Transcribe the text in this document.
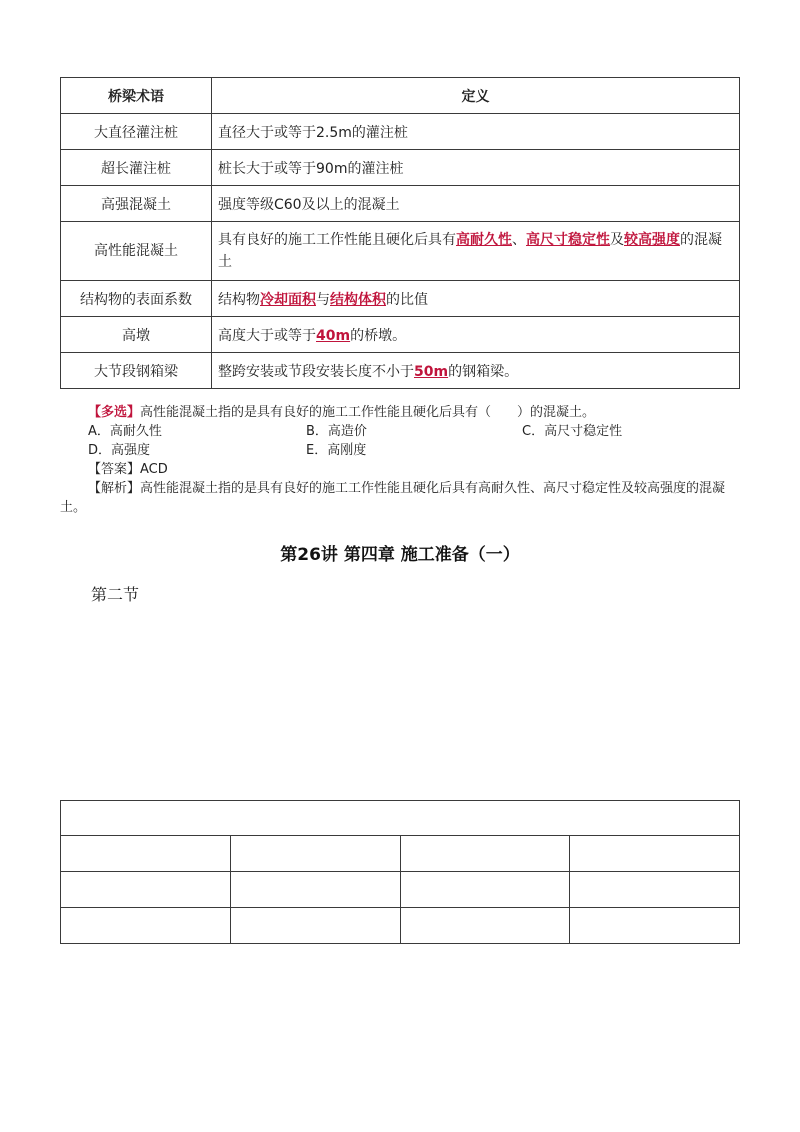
桥梁术语	定义
大直径灌注桩	直径大于或等于2.5m的灌注桩
超长灌注桩	桩长大于或等于90m的灌注桩
高强混凝土	强度等级C60及以上的混凝土
高性能混凝土	具有良好的施工工作性能且硬化后具有高耐久性、高尺寸稳定性及较高强度的混凝土
结构物的表面系数	结构物冷却面积与结构体积的比值
高墩	高度大于或等于40m的桥墩。
大节段钢箱梁	整跨安装或节段安装长度不小于50m的钢箱梁。
【多选】高性能混凝土指的是具有良好的施工工作性能且硬化后具有（　　）的混凝土。
A．高耐久性	B．高造价	C．高尺寸稳定性
D．高强度	E．高刚度
【答案】ACD
【解析】高性能混凝土指的是具有良好的施工工作性能且硬化后具有高耐久性、高尺寸稳定性及较高强度的混凝土。
第26讲 第四章 施工准备（一）
第二节
